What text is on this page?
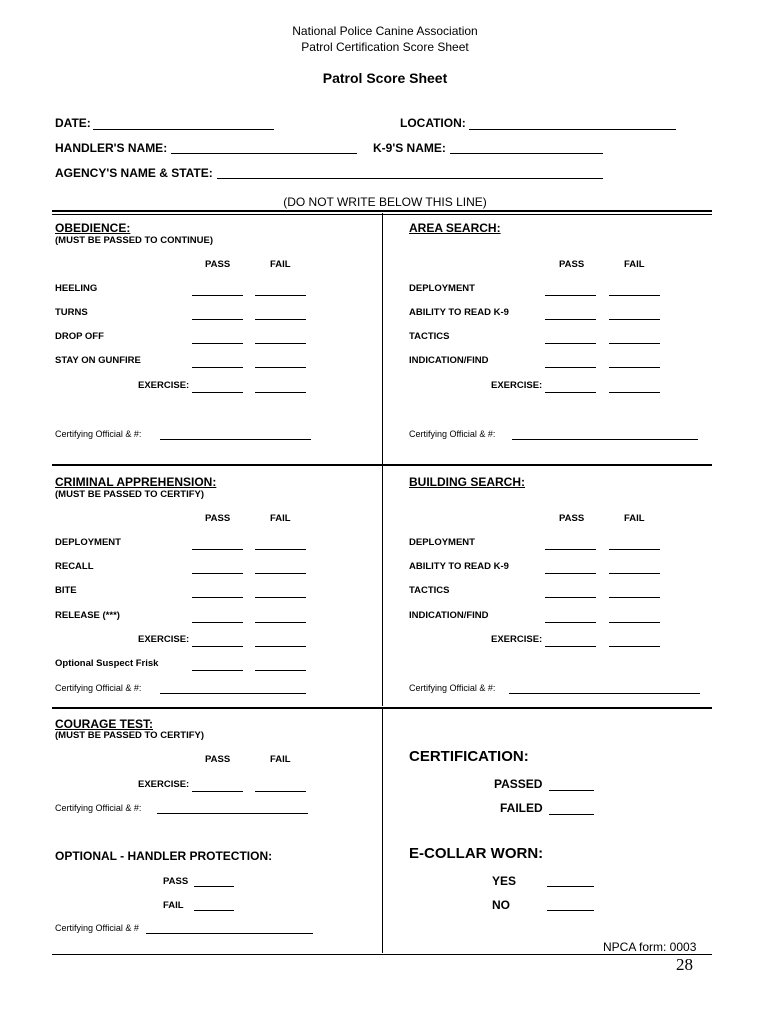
National Police Canine Association
Patrol Certification Score Sheet
Patrol Score Sheet
DATE:	LOCATION:
HANDLER'S NAME:	K-9'S NAME:
AGENCY'S NAME & STATE:
(DO NOT WRITE BELOW THIS LINE)
OBEDIENCE:
(MUST BE PASSED TO CONTINUE)
PASS	FAIL
HEELING
TURNS
DROP OFF
STAY ON GUNFIRE
EXERCISE:
Certifying Official & #:
AREA SEARCH:
PASS	FAIL
DEPLOYMENT
ABILITY TO READ K-9
TACTICS
INDICATION/FIND
EXERCISE:
Certifying Official & #:
CRIMINAL APPREHENSION:
(MUST BE PASSED TO CERTIFY)
PASS	FAIL
DEPLOYMENT
RECALL
BITE
RELEASE (***)
EXERCISE:
Optional Suspect Frisk
Certifying Official & #:
BUILDING SEARCH:
PASS	FAIL
DEPLOYMENT
ABILITY TO READ K-9
TACTICS
INDICATION/FIND
EXERCISE:
Certifying Official & #:
COURAGE TEST:
(MUST BE PASSED TO CERTIFY)
PASS	FAIL
EXERCISE:
Certifying Official & #:
CERTIFICATION:
PASSED
FAILED
OPTIONAL - HANDLER PROTECTION:
PASS
FAIL
Certifying Official & #
E-COLLAR WORN:
YES
NO
NPCA form: 0003
28
